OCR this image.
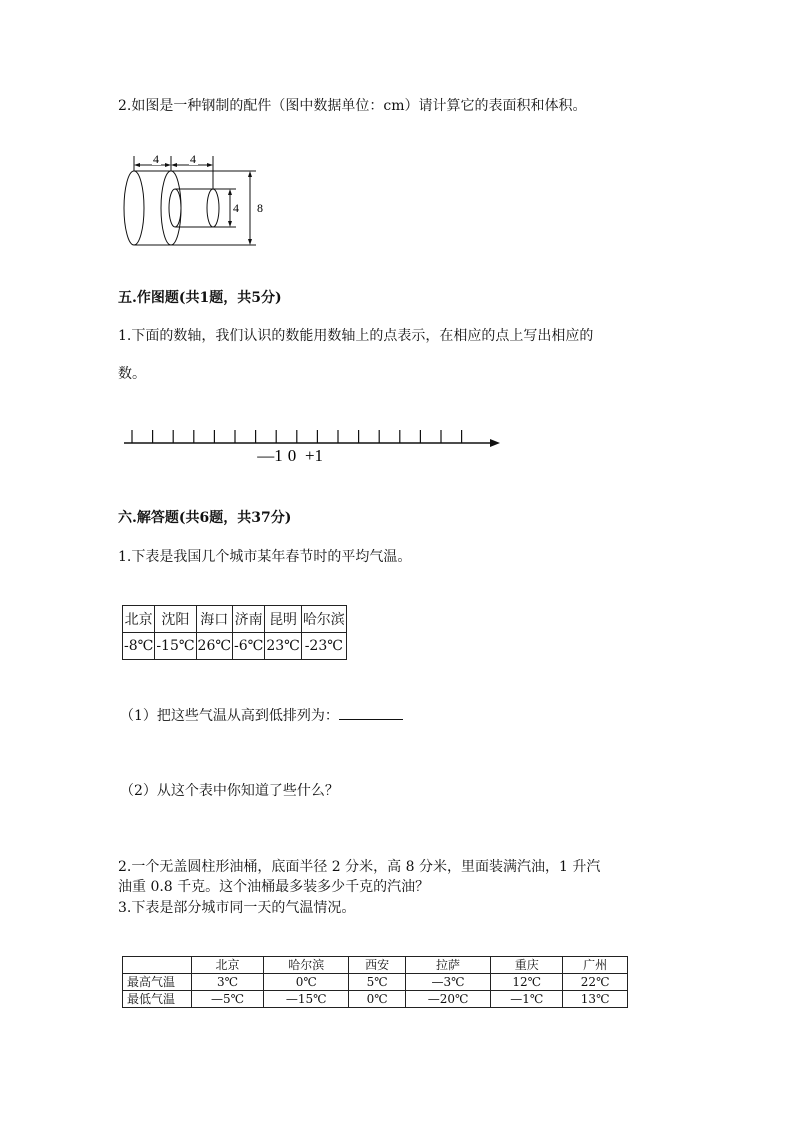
2.如图是一种钢制的配件（图中数据单位：cm）请计算它的表面积和体积。
4	4
4 8
五.作图题(共1题，共5分)
1.下面的数轴，我们认识的数能用数轴上的点表示，在相应的点上写出相应的
数。
—1 0 +1
六.解答题(共6题，共37分)
1.下表是我国几个城市某年春节时的平均气温。
北京	沈阳	海口	济南	昆明	哈尔滨
-8℃	-15℃	26℃	-6℃	23℃	-23℃
（1）把这些气温从高到低排列为：
（2）从这个表中你知道了些什么？
2.一个无盖圆柱形油桶，底面半径 2 分米，高 8 分米，里面装满汽油，1 升汽
油重 0.8 千克。这个油桶最多装多少千克的汽油？
3.下表是部分城市同一天的气温情况。
	北京	哈尔滨	西安	拉萨	重庆	广州
最高气温	3℃	0℃	5℃	—3℃	12℃	22℃
最低气温	—5℃	—15℃	0℃	—20℃	—1℃	13℃
